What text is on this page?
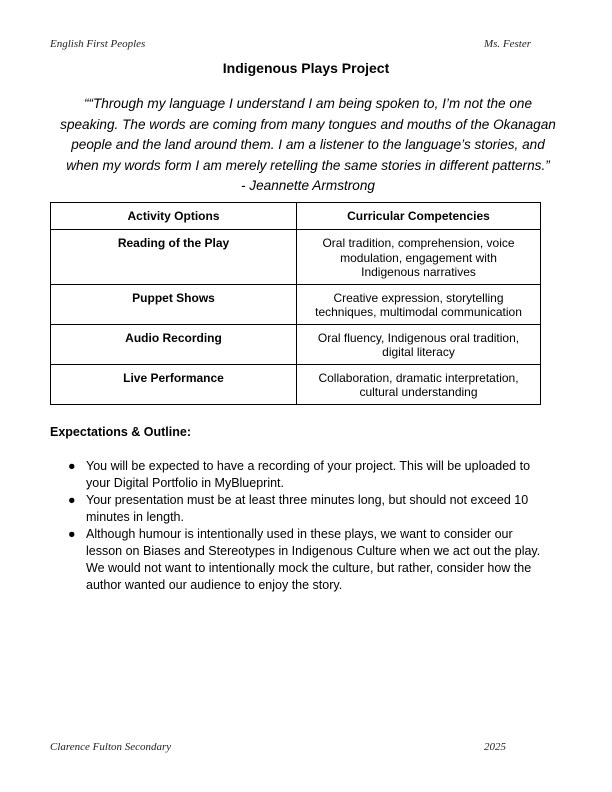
English First Peoples	Ms. Fester
Indigenous Plays Project
““Through my language I understand I am being spoken to, I’m not the one
speaking. The words are coming from many tongues and mouths of the Okanagan
people and the land around them. I am a listener to the language’s stories, and
when my words form I am merely retelling the same stories in different patterns.”
- Jeannette Armstrong
Activity Options	Curricular Competencies
Reading of the Play	Oral tradition, comprehension, voice
modulation, engagement with
Indigenous narratives

Puppet Shows	Creative expression, storytelling
techniques, multimodal communication

Audio Recording	Oral fluency, Indigenous oral tradition,
digital literacy

Live Performance	Collaboration, dramatic interpretation,
cultural understanding
Expectations & Outline:
● You will be expected to have a recording of your project. This will be uploaded to
your Digital Portfolio in MyBlueprint.
● Your presentation must be at least three minutes long, but should not exceed 10
minutes in length.
● Although humour is intentionally used in these plays, we want to consider our
lesson on Biases and Stereotypes in Indigenous Culture when we act out the play.
We would not want to intentionally mock the culture, but rather, consider how the
author wanted our audience to enjoy the story.
Clarence Fulton Secondary	2025
